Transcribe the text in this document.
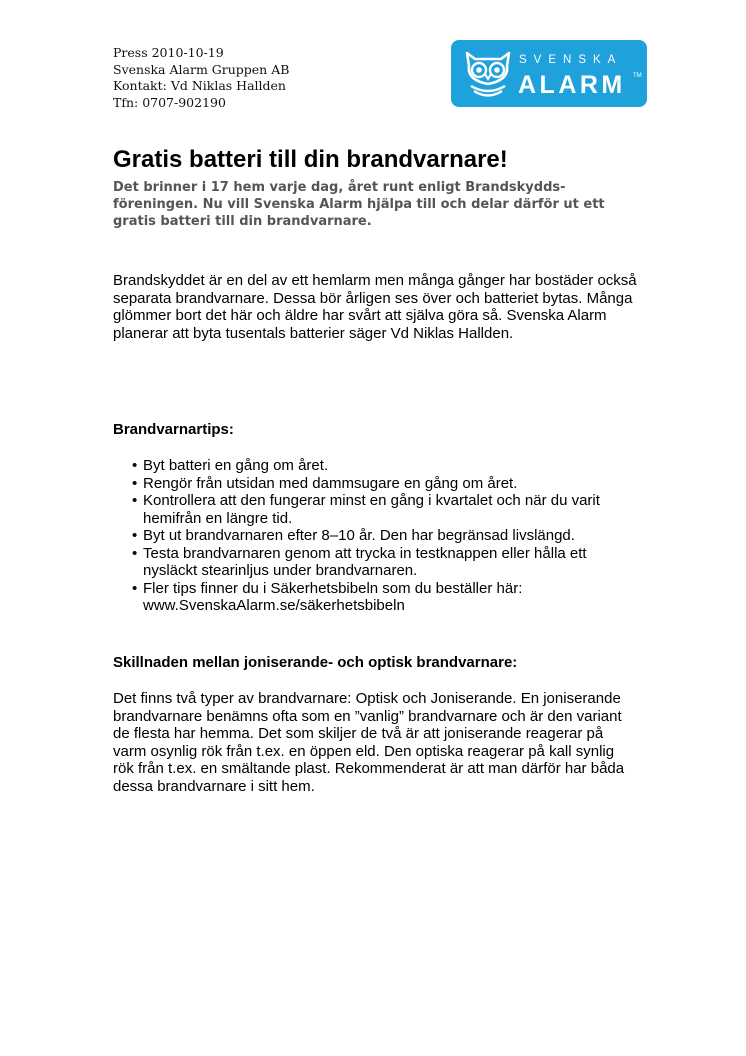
Press 2010-10-19
Svenska Alarm Gruppen AB
Kontakt: Vd Niklas Hallden
Tfn: 0707-902190
SVENSKA
ALARM TM
Gratis batteri till din brandvarnare!

Det brinner i 17 hem varje dag, året runt enligt Brandskydds-föreningen. Nu vill Svenska Alarm hjälpa till och delar därför ut ett gratis batteri till din brandvarnare.

Brandskyddet är en del av ett hemlarm men många gånger har bostäder också separata brandvarnare. Dessa bör årligen ses över och batteriet bytas. Många glömmer bort det här och äldre har svårt att själva göra så. Svenska Alarm planerar att byta tusentals batterier säger Vd Niklas Hallden.

Brandvarnartips:
• Byt batteri en gång om året.
• Rengör från utsidan med dammsugare en gång om året.
• Kontrollera att den fungerar minst en gång i kvartalet och när du varit hemifrån en längre tid.
• Byt ut brandvarnaren efter 8–10 år. Den har begränsad livslängd.
• Testa brandvarnaren genom att trycka in testknappen eller hålla ett nysläckt stearinljus under brandvarnaren.
• Fler tips finner du i Säkerhetsbibeln som du beställer här: www.SvenskaAlarm.se/säkerhetsbibeln
Skillnaden mellan joniserande- och optisk brandvarnare:

Det finns två typer av brandvarnare: Optisk och Joniserande. En joniserande brandvarnare benämns ofta som en ”vanlig” brandvarnare och är den variant de flesta har hemma. Det som skiljer de två är att joniserande reagerar på varm osynlig rök från t.ex. en öppen eld. Den optiska reagerar på kall synlig rök från t.ex. en smältande plast. Rekommenderat är att man därför har båda dessa brandvarnare i sitt hem.
